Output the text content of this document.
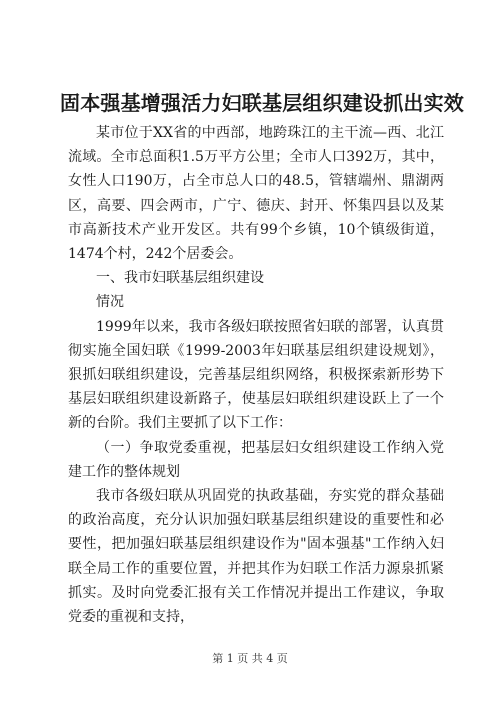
固本强基增强活力妇联基层组织建设抓出实效

某市位于XX省的中西部，地跨珠江的主干流—西、北江流域。全市总面积1.5万平方公里；全市人口392万，其中，女性人口190万，占全市总人口的48.5，管辖端州、鼎湖两区，高要、四会两市，广宁、德庆、封开、怀集四县以及某市高新技术产业开发区。共有99个乡镇，10个镇级街道，1474个村，242个居委会。

一、我市妇联基层组织建设

情况

1999年以来，我市各级妇联按照省妇联的部署，认真贯彻实施全国妇联《1999-2003年妇联基层组织建设规划》，狠抓妇联组织建设，完善基层组织网络，积极探索新形势下基层妇联组织建设新路子，使基层妇联组织建设跃上了一个新的台阶。我们主要抓了以下工作：

（一）争取党委重视，把基层妇女组织建设工作纳入党建工作的整体规划

我市各级妇联从巩固党的执政基础，夯实党的群众基础的政治高度，充分认识加强妇联基层组织建设的重要性和必要性，把加强妇联基层组织建设作为"固本强基"工作纳入妇联全局工作的重要位置，并把其作为妇联工作活力源泉抓紧抓实。及时向党委汇报有关工作情况并提出工作建议，争取党委的重视和支持，

第 1 页 共 4 页
